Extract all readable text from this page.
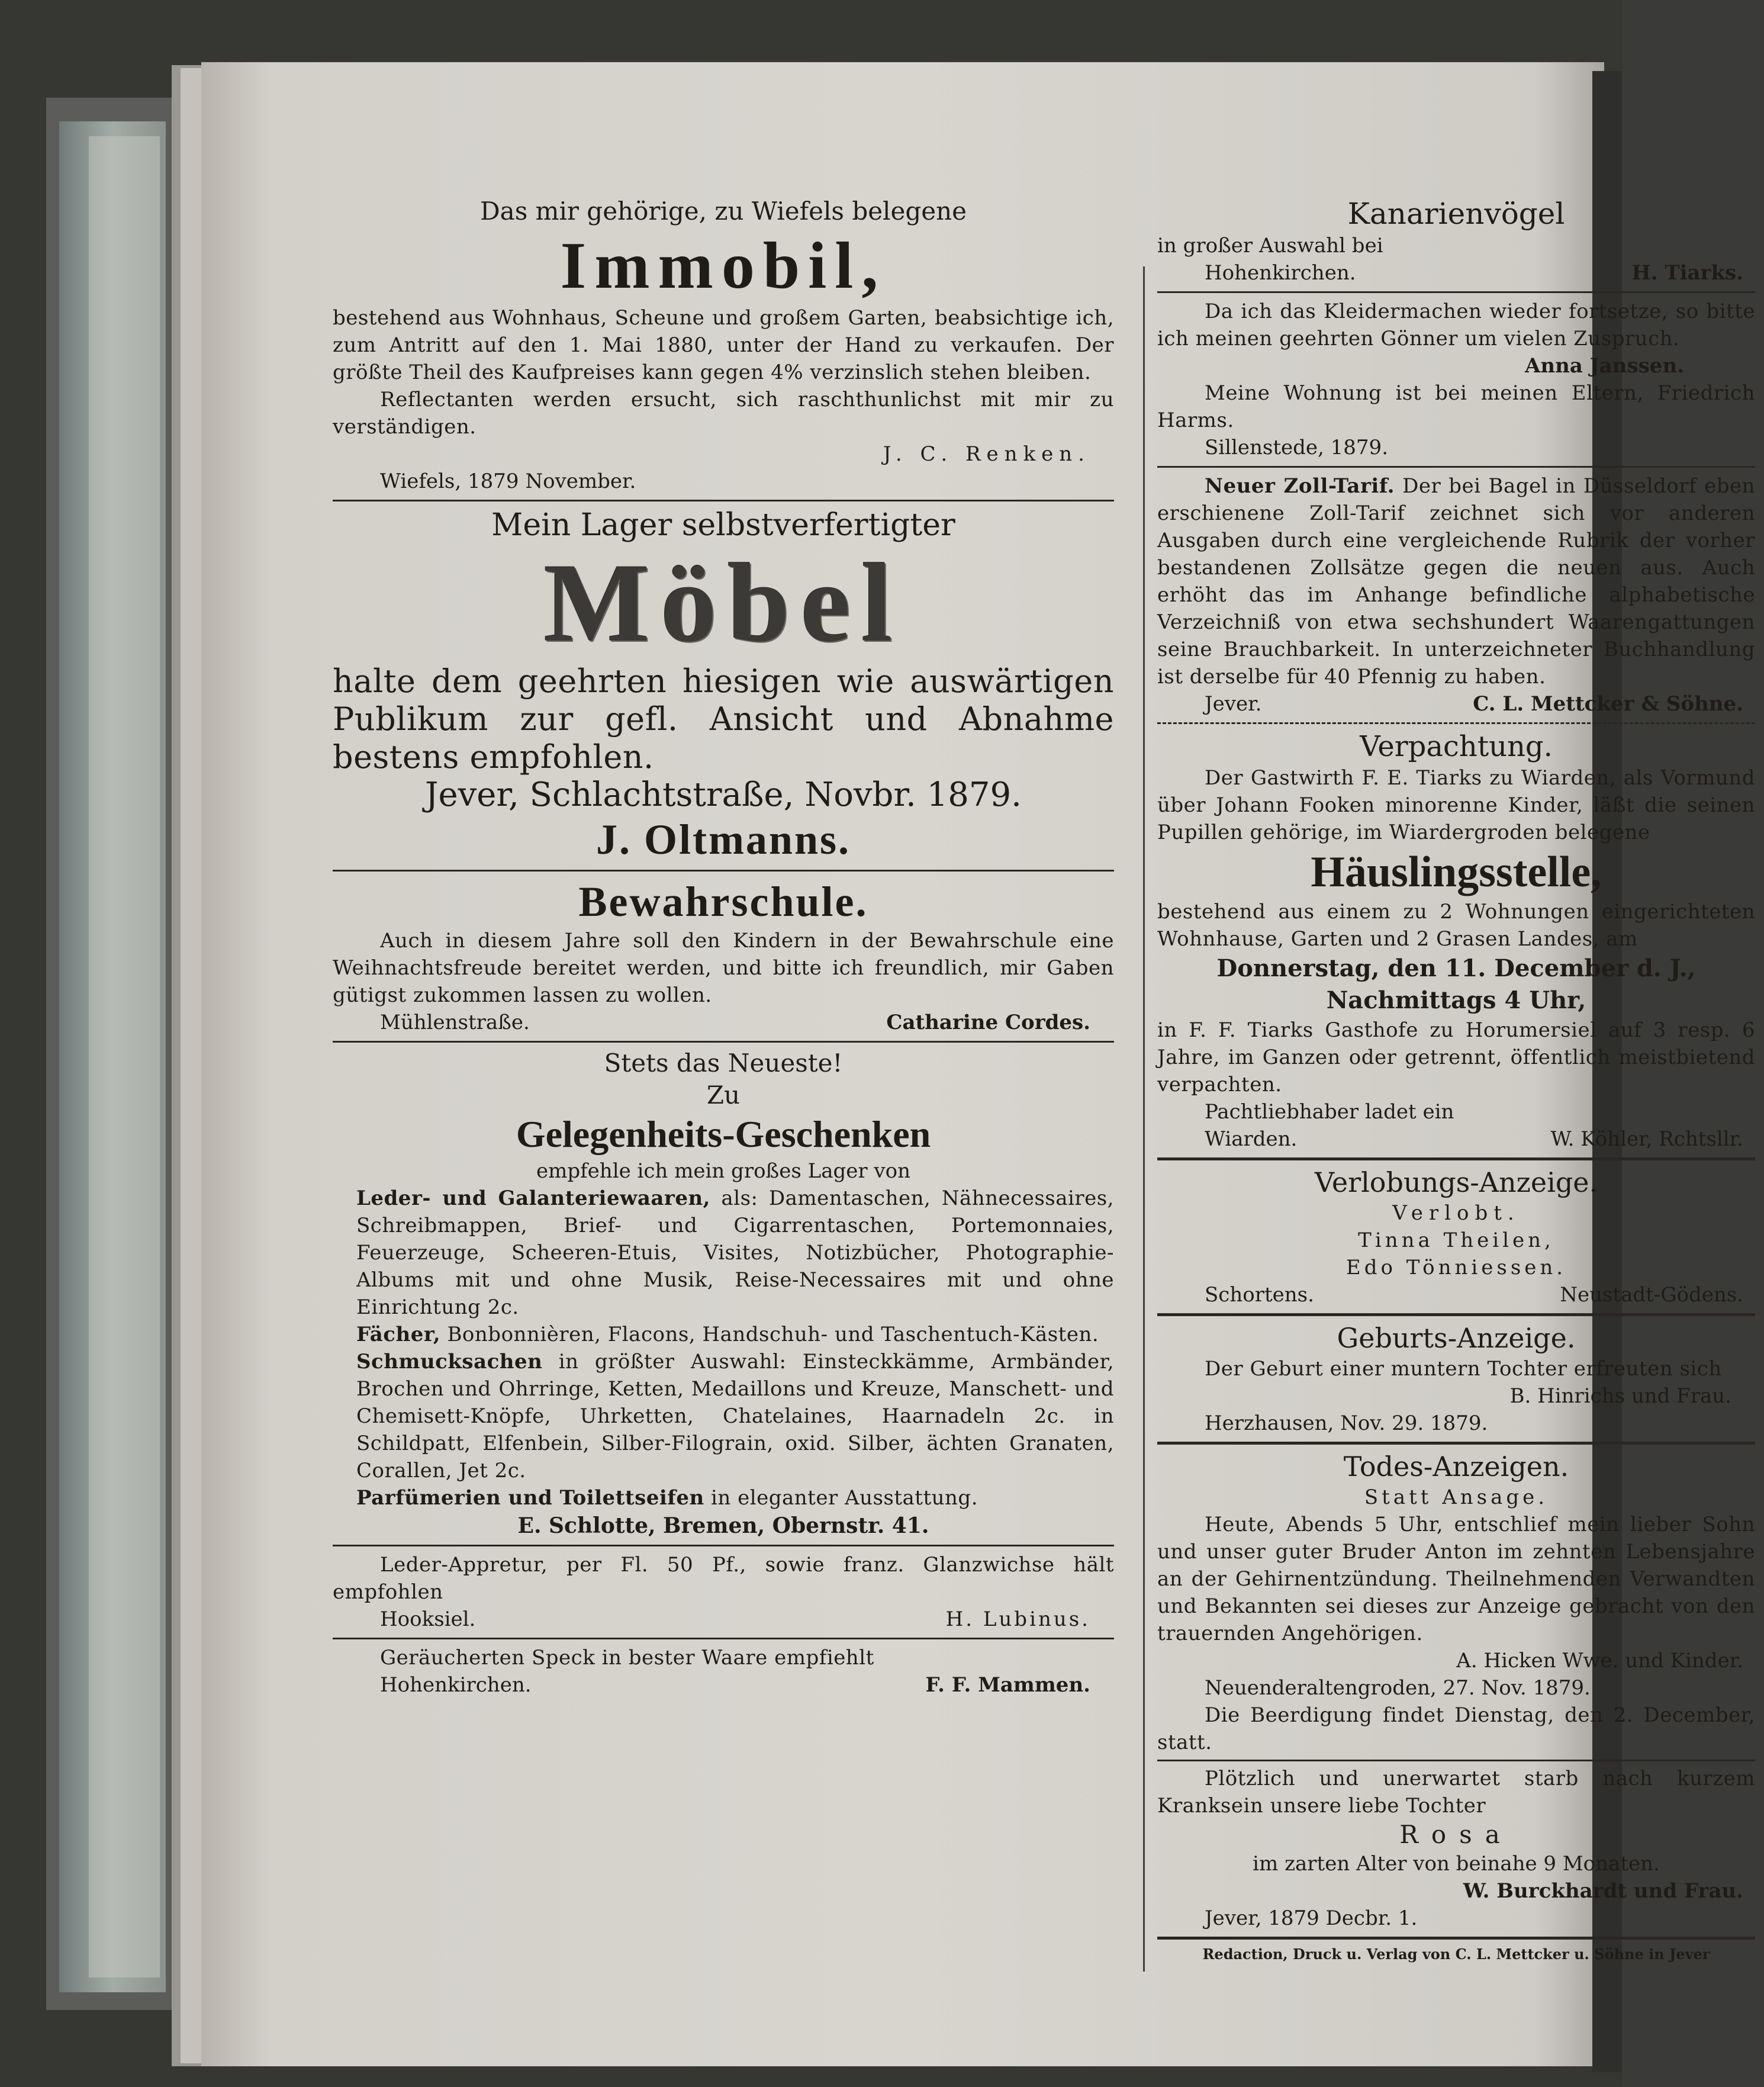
Das mir gehörige, zu Wiefels belegene
Immobil,
bestehend aus Wohnhaus, Scheune und großem Garten, beabsichtige ich, zum Antritt auf den 1. Mai 1880, unter der Hand zu verkaufen. Der größte Theil des Kaufpreises kann gegen 4% verzinslich stehen bleiben.
Reflectanten werden ersucht, sich raschthunlichst mit mir zu verständigen.
J. C. Renken.
Wiefels, 1879 November.
Mein Lager selbstverfertigter
Möbel
halte dem geehrten hiesigen wie auswärtigen Publikum zur gefl. Ansicht und Abnahme bestens empfohlen.
Jever, Schlachtstraße, Novbr. 1879.
J. Oltmanns.
Bewahrschule.
Auch in diesem Jahre soll den Kindern in der Bewahrschule eine Weihnachtsfreude bereitet werden, und bitte ich freundlich, mir Gaben gütigst zukommen lassen zu wollen.
Mühlenstraße.	Catharine Cordes.
Stets das Neueste!
Zu
Gelegenheits-Geschenken
empfehle ich mein großes Lager von
Leder- und Galanteriewaaren, als: Damentaschen, Nähnecessaires, Schreibmappen, Brief- und Cigarrentaschen, Portemonnaies, Feuerzeuge, Scheeren-Etuis, Visites, Notizbücher, Photographie-Albums mit und ohne Musik, Reise-Necessaires mit und ohne Einrichtung 2c.
Fächer, Bonbonnièren, Flacons, Handschuh- und Taschentuch-Kästen.
Schmucksachen in größter Auswahl: Einsteckkämme, Armbänder, Brochen und Ohrringe, Ketten, Medaillons und Kreuze, Manschett- und Chemisett-Knöpfe, Uhrketten, Chatelaines, Haarnadeln 2c. in Schildpatt, Elfenbein, Silber-Filograin, oxid. Silber, ächten Granaten, Corallen, Jet 2c.
Parfümerien und Toilettseifen in eleganter Ausstattung.
E. Schlotte, Bremen, Obernstr. 41.
Leder-Appretur, per Fl. 50 Pf., sowie franz. Glanzwichse hält empfohlen
Hooksiel.	H. Lubinus.
Geräucherten Speck in bester Waare empfiehlt
Hohenkirchen.	F. F. Mammen.
Kanarienvögel
in großer Auswahl bei
Hohenkirchen.	H. Tiarks.
Da ich das Kleidermachen wieder fortsetze, so bitte ich meinen geehrten Gönner um vielen Zuspruch.
Anna Janssen.
Meine Wohnung ist bei meinen Eltern, Friedrich Harms.
Sillenstede, 1879.
Neuer Zoll-Tarif. Der bei Bagel in Düsseldorf eben erschienene Zoll-Tarif zeichnet sich vor anderen Ausgaben durch eine vergleichende Rubrik der vorher bestandenen Zollsätze gegen die neuen aus. Auch erhöht das im Anhange befindliche alphabetische Verzeichniß von etwa sechshundert Waarengattungen seine Brauchbarkeit. In unterzeichneter Buchhandlung ist derselbe für 40 Pfennig zu haben.
Jever.	C. L. Mettcker & Söhne.
Verpachtung.
Der Gastwirth F. E. Tiarks zu Wiarden, als Vormund über Johann Fooken minorenne Kinder, läßt die seinen Pupillen gehörige, im Wiardergroden belegene
Häuslingsstelle,
bestehend aus einem zu 2 Wohnungen eingerichteten Wohnhause, Garten und 2 Grasen Landes, am
Donnerstag, den 11. December d. J.,
Nachmittags 4 Uhr,
in F. F. Tiarks Gasthofe zu Horumersiel auf 3 resp. 6 Jahre, im Ganzen oder getrennt, öffentlich meistbietend verpachten.
Pachtliebhaber ladet ein
Wiarden.	W. Köhler, Rchtsllr.
Verlobungs-Anzeige.
Verlobt.
Tinna Theilen,
Edo Tönniessen.
Schortens.	Neustadt-Gödens.
Geburts-Anzeige.
Der Geburt einer muntern Tochter erfreuten sich
B. Hinrichs und Frau.
Herzhausen, Nov. 29. 1879.
Todes-Anzeigen.
Statt Ansage.
Heute, Abends 5 Uhr, entschlief mein lieber Sohn und unser guter Bruder Anton im zehnten Lebensjahre an der Gehirnentzündung. Theilnehmenden Verwandten und Bekannten sei dieses zur Anzeige gebracht von den trauernden Angehörigen.
A. Hicken Wwe. und Kinder.
Neuenderaltengroden, 27. Nov. 1879.
Die Beerdigung findet Dienstag, den 2. December, statt.
Plötzlich und unerwartet starb nach kurzem Kranksein unsere liebe Tochter
Rosa
im zarten Alter von beinahe 9 Monaten.
W. Burckhardt und Frau.
Jever, 1879 Decbr. 1.
Redaction, Druck u. Verlag von C. L. Mettcker u. Söhne in Jever
